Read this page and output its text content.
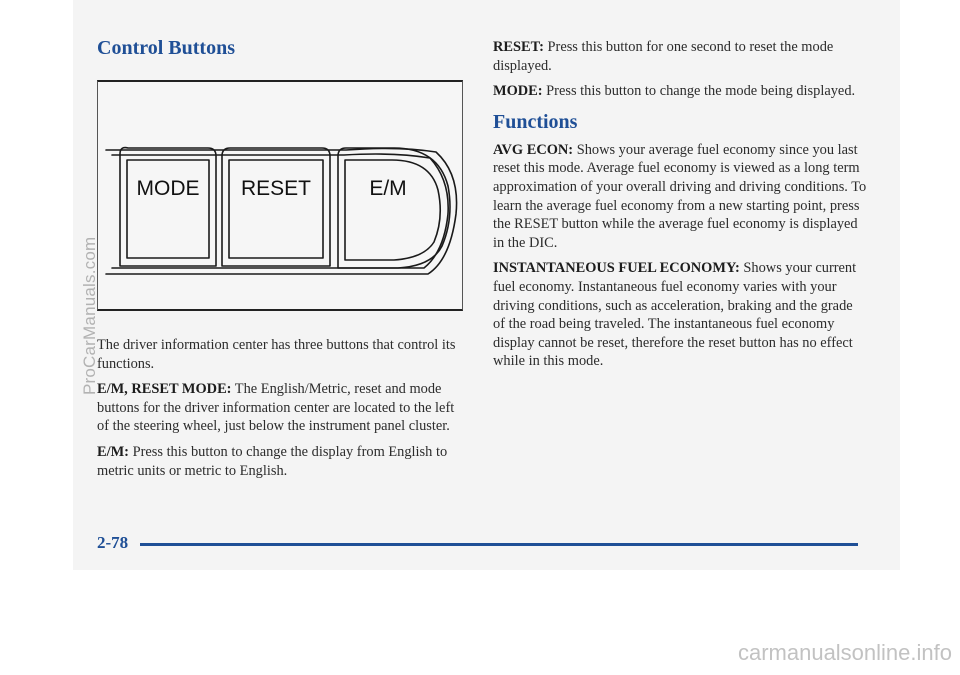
Control Buttons
MODE RESET	E/M

The driver information center has three buttons that control its functions.

E/M, RESET MODE: The English/Metric, reset and mode buttons for the driver information center are located to the left of the steering wheel, just below the instrument panel cluster.

E/M: Press this button to change the display from English to metric units or metric to English.

RESET: Press this button for one second to reset the mode displayed.

MODE: Press this button to change the mode being displayed.

Functions

AVG ECON: Shows your average fuel economy since you last reset this mode. Average fuel economy is viewed as a long term approximation of your overall driving and driving conditions. To learn the average fuel economy from a new starting point, press the RESET button while the average fuel economy is displayed in the DIC.

INSTANTANEOUS FUEL ECONOMY: Shows your current fuel economy. Instantaneous fuel economy varies with your driving conditions, such as acceleration, braking and the grade of the road being traveled. The instantaneous fuel economy display cannot be reset, therefore the reset button has no effect while in this mode.

2-78
ProCarManuals.com
carmanualsonline.info
